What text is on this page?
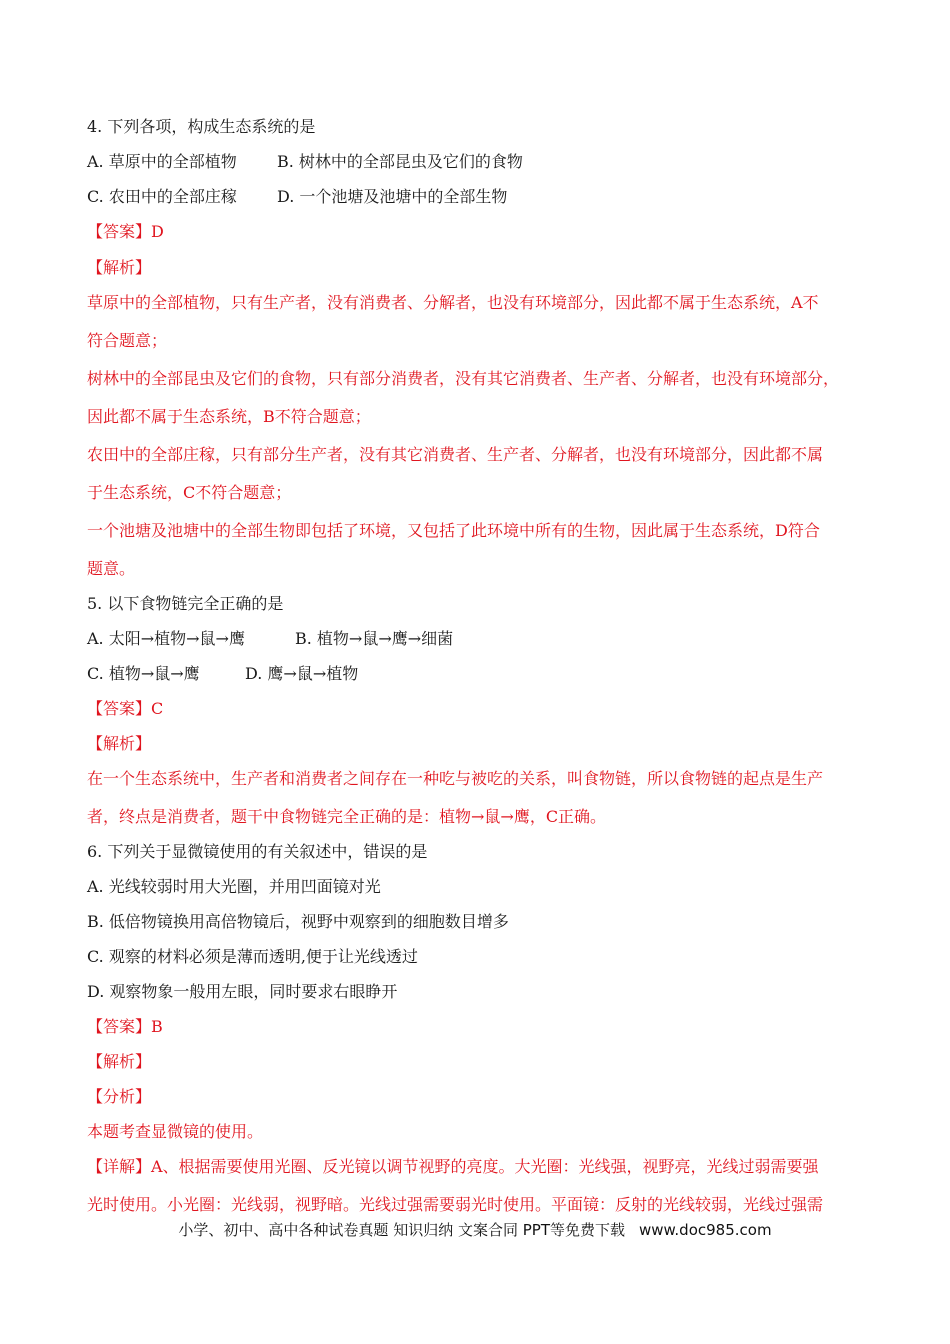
4. 下列各项，构成生态系统的是
A. 草原中的全部植物	B. 树林中的全部昆虫及它们的食物
C. 农田中的全部庄稼	D. 一个池塘及池塘中的全部生物
【答案】D
【解析】
草原中的全部植物，只有生产者，没有消费者、分解者，也没有环境部分，因此都不属于生态系统，A不
符合题意；
树林中的全部昆虫及它们的食物，只有部分消费者，没有其它消费者、生产者、分解者，也没有环境部分，
因此都不属于生态系统，B不符合题意；
农田中的全部庄稼，只有部分生产者，没有其它消费者、生产者、分解者，也没有环境部分，因此都不属
于生态系统，C不符合题意；
一个池塘及池塘中的全部生物即包括了环境，又包括了此环境中所有的生物，因此属于生态系统，D符合
题意。
5. 以下食物链完全正确的是
A. 太阳→植物→鼠→鹰	B. 植物→鼠→鹰→细菌
C. 植物→鼠→鹰	D. 鹰→鼠→植物
【答案】C
【解析】
在一个生态系统中，生产者和消费者之间存在一种吃与被吃的关系，叫食物链，所以食物链的起点是生产
者，终点是消费者，题干中食物链完全正确的是：植物→鼠→鹰，C正确。
6. 下列关于显微镜使用的有关叙述中，错误的是
A. 光线较弱时用大光圈，并用凹面镜对光
B. 低倍物镜换用高倍物镜后，视野中观察到的细胞数目增多
C. 观察的材料必须是薄而透明,便于让光线透过
D. 观察物象一般用左眼，同时要求右眼睁开
【答案】B
【解析】
【分析】
本题考查显微镜的使用。
【详解】A、根据需要使用光圈、反光镜以调节视野的亮度。大光圈：光线强，视野亮，光线过弱需要强
光时使用。小光圈：光线弱，视野暗。光线过强需要弱光时使用。平面镜：反射的光线较弱，光线过强需
小学、初中、高中各种试卷真题 知识归纳 文案合同 PPT等免费下载 www.doc985.com
